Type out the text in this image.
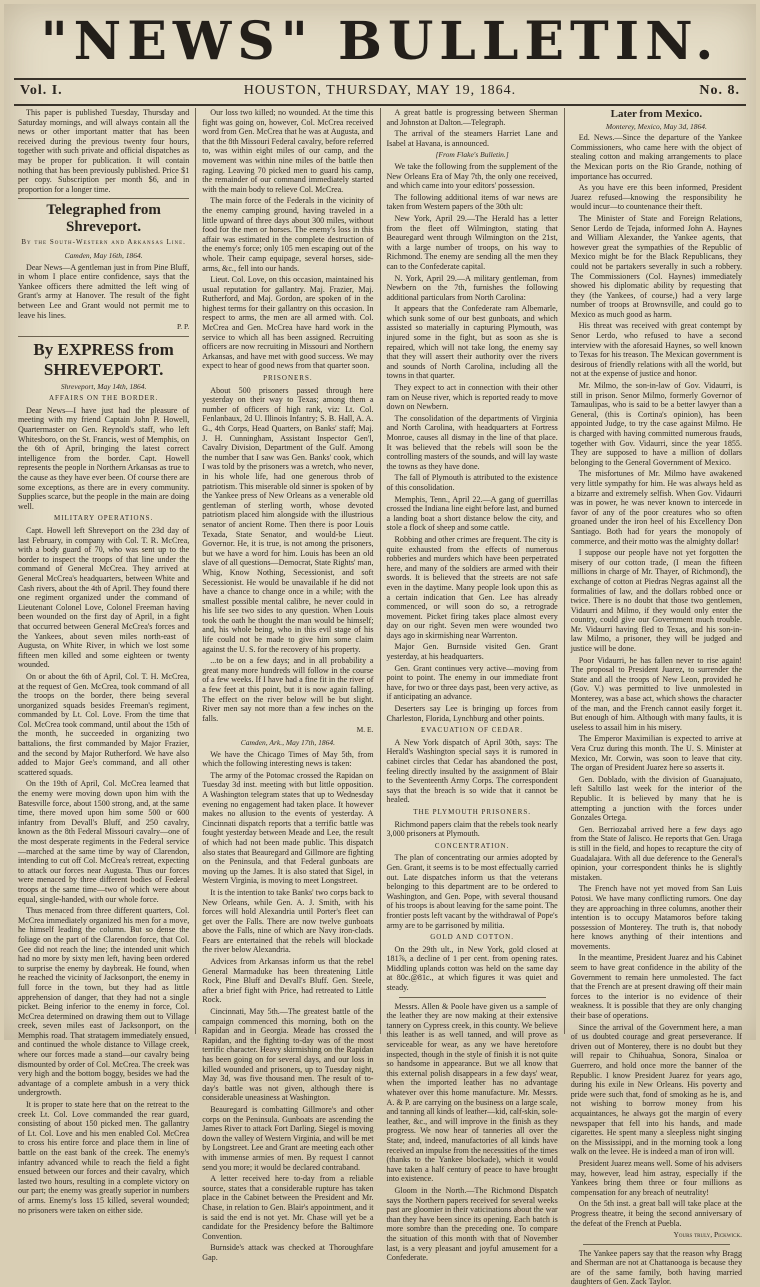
"NEWS" BULLETIN.
Vol. I.	HOUSTON, THURSDAY, MAY 19, 1864.	No. 8.

This paper is published Tuesday, Thursday and Saturday mornings, and will always contain all the news or other important matter that has been received during the previous twenty four hours, together with such private and official dispatches as may be proper for publication. It will contain nothing that has been previously published. Price $1 per copy. Subscription per month $6, and in proportion for a longer time.

Telegraphed from Shreveport.
By the South-Western and Arkansas Line.

Camden, May 16th, 1864.

Dear News—A gentleman just in from Pine Bluff, in whom I place entire confidence, says that the Yankee officers there admitted the left wing of Grant's army at Hanover. The result of the fight between Lee and Grant would not permit me to leave his lines.

P. P.
By EXPRESS from SHREVEPORT.

Shreveport, May 14th, 1864.

AFFAIRS ON THE BORDER.

Dear News—I have just had the pleasure of meeting with my friend Captain John P. Howell, Quartermaster on Gen. Reynold's staff, who left Whitesboro, on the St. Francis, west of Memphis, on the 6th of April, bringing the latest correct intelligence from the border. Capt. Howell represents the people in Northern Arkansas as true to the cause as they have ever been. Of course there are some exceptions, as there are in every community. Supplies scarce, but the people in the main are doing well.

MILITARY OPERATIONS.

Capt. Howell left Shreveport on the 23d day of last February, in company with Col. T. R. McCrea, with a body guard of 70, who was sent up to the border to inspect the troops of that line under the command of General McCrea. They arrived at General McCrea's headquarters, between White and Cash rivers, about the 4th of April. They found there one regiment organized under the command of Lieutenant Colonel Love, Colonel Freeman having been wounded on the first day of April, in a fight that occurred between General McCrea's forces and the Yankees, about seven miles north-east of Augusta, on White River, in which we lost some fifteen men killed and some eighteen or twenty wounded.

On or about the 6th of April, Col. T. H. McCrea, at the request of Gen. McCrea, took command of all the troops on the border, there being several unorganized squads besides Freeman's regiment, commanded by Lt. Col. Love. From the time that Col. McCrea took command, until about the 15th of the month, he succeeded in organizing two battalions, the first commanded by Major Frazier, and the second by Major Rutherford. We have also added to Major Gee's command, and all other scattered squads.

On the 19th of April, Col. McCrea learned that the enemy were moving down upon him with the Batesville force, about 1500 strong, and, at the same time, there moved upon him some 500 or 600 infantry from Devall's Bluff, and 250 cavalry, known as the 8th Federal Missouri cavalry—one of the most desperate regiments in the Federal service—marched at the same time by way of Clarendon, intending to cut off Col. McCrea's retreat, expecting to attack our forces near Augusta. Thus our forces were menaced by three different bodies of Federal troops at the same time—two of which were about equal, single-handed, with our whole force.

Thus menaced from three different quarters, Col. McCrea immediately organized his men for a move, he himself leading the column. But so dense the foliage on the part of the Clarendon force, that Col. Gee did not reach the line; the intended unit which had no more by sixty men left, having been ordered to surprise the enemy by daybreak. He found, when he reached the vicinity of Jacksonport, the enemy in full force in the town, but they had as little apprehension of danger, that they had not a single picket. Being inferior to the enemy in force, Col. McCrea determined on drawing them out to Village creek, seven miles east of Jacksonport, on the Memphis road. That stratagem immediately ensued, and continued the whole distance to Village creek, where our forces made a stand—our cavalry being dismounted by order of Col. McCrea. The creek was very high and the bottom boggy, besides we had the advantage of a complete ambush in a very thick undergrowth.

It is proper to state here that on the retreat to the creek Lt. Col. Love commanded the rear guard, consisting of about 150 picked men. The gallantry of Lt. Col. Love and his men enabled Col. McCrea to cross his entire force and place them in line of battle on the east bank of the creek. The enemy's infantry advanced while to reach the field a fight ensued between our forces and their cavalry, which lasted two hours, resulting in a complete victory on our part; the enemy was greatly superior in numbers of arms. Enemy's loss 15 killed, several wounded; no prisoners were taken on either side.

Our loss two killed; no wounded. At the time this fight was going on, however, Col. McCrea received word from Gen. McCrea that he was at Augusta, and that the 8th Missouri Federal cavalry, before referred to, was within eight miles of our camp, and the movement was within nine miles of the battle then raging. Leaving 70 picked men to guard his camp, the remainder of our command immediately started with the main body to relieve Col. McCrea.

The main force of the Federals in the vicinity of the enemy camping ground, having traveled in a little upward of three days about 300 miles, without food for the men or horses. The enemy's loss in this affair was estimated in the complete destruction of the enemy's force; only 105 men escaping out of the whole. Their camp equipage, several horses, side-arms, &c., fell into our hands.

Lieut. Col. Love, on this occasion, maintained his usual reputation for gallantry. Maj. Frazier, Maj. Rutherford, and Maj. Gordon, are spoken of in the highest terms for their gallantry on this occasion. In respect to arms, the men are all armed with. Col. McCrea and Gen. McCrea have hard work in the service to which all has been assigned. Recruiting officers are now recruiting in Missouri and Northern Arkansas, and have met with good success. We may expect to hear of good news from that quarter soon.

PRISONERS.

About 500 prisoners passed through here yesterday on their way to Texas; among them a number of officers of high rank, viz: Lt. Col. Fenlanbaux, 2d U. Illinois Infantry; S. B. Hall, A. A. G., 4th Corps, Head Quarters, on Banks' staff; Maj. J. H. Cunningham, Assistant Inspector Gen'l, Cavalry Division, Department of the Gulf. Among the number that I saw was Gen. Banks' cook, which I was told by the prisoners was a wretch, who never, in his whole life, had one generous throb of patriotism. This miserable old sinner is spoken of by the Yankee press of New Orleans as a venerable old gentleman of sterling worth, whose devoted patriotism placed him alongside with the illustrious senator of ancient Rome. Then there is poor Louis Texada, State Senator, and would-be Lieut. Governor. He, it is true, is not among the prisoners, but we have a word for him. Louis has been an old slave of all questions—Democrat, State Rights' man, Whig, Know Nothing, Secessionist, and soft Secessionist. He would be unavailable if he did not have a chance to change once in a while; with the smallest possible mental calibre, he never could in his life see two sides to any question. When Louis took the oath he thought the man would be himself; and, his whole being, who in this evil stage of his life could not be made to give him some claim against the U. S. for the recovery of his property.

...to be on a few days; and in all probability a great many more hundreds will follow in the course of a few weeks. If I have had a fine fit in the river of a few feet at this point, but it is now again falling. The effect on the river below will be but slight. River men say not more than a few inches on the falls.

M. E.

Camden, Ark., May 17th, 1864.

We have the Chicago Times of May 5th, from which the following interesting news is taken:

The army of the Potomac crossed the Rapidan on Tuesday 3d inst. meeting with but little opposition. A Washington telegram states that up to Wednesday evening no engagement had taken place. It however makes no allusion to the events of yesterday. A Cincinnati dispatch reports that a terrific battle was fought yesterday between Meade and Lee, the result of which had not been made public. This dispatch also states that Beauregard and Gillmore are fighting on the Peninsula, and that Federal gunboats are moving up the James. It is also stated that Sigel, in Western Virginia, is moving to meet Longstreet.

It is the intention to take Banks' two corps back to New Orleans, while Gen. A. J. Smith, with his forces will hold Alexandria until Porter's fleet can get over the Falls. There are now twelve gunboats above the Falls, nine of which are Navy iron-clads. Fears are entertained that the rebels will blockade the river below Alexandria.

Advices from Arkansas inform us that the rebel General Marmaduke has been threatening Little Rock, Pine Bluff and Devall's Bluff. Gen. Steele, after a brief fight with Price, had retreated to Little Rock.

Cincinnati, May 5th.—The greatest battle of the campaign commenced this morning, both on the Rapidan and in Georgia. Meade has crossed the Rapidan, and the fighting to-day was of the most terrific character. Heavy skirmishing on the Rapidan has been going on for several days, and our loss in killed wounded and prisoners, up to Tuesday night, May 3d, was five thousand men. The result of to-day's battle was not given, although there is considerable uneasiness at Washington.

Beauregard is combatting Gillmore's and other corps on the Peninsula. Gunboats are ascending the James River to attack Fort Darling. Siegel is moving down the valley of Western Virginia, and will be met by Longstreet. Lee and Grant are meeting each other with immense armies of men. By request I cannot send you more; it would be declared contraband.

A letter received here to-day from a reliable source, states that a considerable rupture has taken place in the Cabinet between the President and Mr. Chase, in relation to Gen. Blair's appointment, and it is said the end is not yet. Mr. Chase will yet be a candidate for the Presidency before the Baltimore Convention.

Burnside's attack was checked at Thoroughfare Gap.

A great battle is progressing between Sherman and Johnston at Dalton.—Telegraph.

The arrival of the steamers Harriet Lane and Isabel at Havana, is announced.

[From Flake's Bulletin.]

We take the following from the supplement of the New Orleans Era of May 7th, the only one received, and which came into your editors' possession.

The following additional items of war news are taken from Western papers of the 30th ult:

New York, April 29.—The Herald has a letter from the fleet off Wilmington, stating that Beauregard went through Wilmington on the 21st, with a large number of troops, on his way to Richmond. The enemy are sending all the men they can to the Confederate capital.

N. York, April 29.—A military gentleman, from Newbern on the 7th, furnishes the following additional particulars from North Carolina:

It appears that the Confederate ram Albemarle, which sunk some of our best gunboats, and which assisted so materially in capturing Plymouth, was injured some in the fight, but as soon as she is repaired, which will not take long, the enemy say that they will assert their authority over the rivers and sounds of North Carolina, including all the towns in that quarter.

They expect to act in connection with their other ram on Neuse river, which is reported ready to move down on Newbern.

The consolidation of the departments of Virginia and North Carolina, with headquarters at Fortress Monroe, causes all dismay in the line of that place. It was believed that the rebels will soon be the controlling masters of the sounds, and will lay waste the towns as they have done.

The fall of Plymouth is attributed to the existence of this consolidation.

Memphis, Tenn., April 22.—A gang of guerrillas crossed the Indiana line eight before last, and burned a landing boat a short distance below the city, and stole a flock of sheep and some cattle.

Robbing and other crimes are frequent. The city is quite exhausted from the effects of numerous robberies and murders which have been perpetrated here, and many of the soldiers are armed with their swords. It is believed that the streets are not safe even in the daytime. Many people look upon this as a certain indication that Gen. Lee has already commenced, or will soon do so, a retrograde movement. Picket firing takes place almost every day on our right. Seven men were wounded two days ago in skirmishing near Warrenton.

Major Gen. Burnside visited Gen. Grant yesterday, at his headquarters.

Gen. Grant continues very active—moving from point to point. The enemy in our immediate front have, for two or three days past, been very active, as if anticipating an advance.

Deserters say Lee is bringing up forces from Charleston, Florida, Lynchburg and other points.

EVACUATION OF CEDAR.

A New York dispatch of April 30th, says: The Herald's Washington special says it is rumored in cabinet circles that Cedar has abandoned the post, feeling directly insulted by the assignment of Blair to the Seventeenth Army Corps. The correspondent says that the breach is so wide that it cannot be healed.

THE PLYMOUTH PRISONERS.

Richmond papers claim that the rebels took nearly 3,000 prisoners at Plymouth.

CONCENTRATION.

The plan of concentrating our armies adopted by Gen. Grant, it seems is to be most effectually carried out. Late dispatches inform us that the veterans belonging to this department are to be ordered to Washington, and Gen. Pope, with several thousand of his troops is about leaving for the same point. The frontier posts left vacant by the withdrawal of Pope's army are to be garrisoned by militia.

GOLD AND COTTON.

On the 29th ult., in New York, gold closed at 181⅞, a decline of 1 per cent. from opening rates. Middling uplands cotton was held on the same day at 80c.@81c., at which figures it was quiet and steady.

Messrs. Allen & Poole have given us a sample of the leather they are now making at their extensive tannery on Cypress creek, in this county. We believe this leather is as well tanned, and will prove as serviceable for wear, as any we have heretofore inspected, though in the style of finish it is not quite so handsome in appearance. But we all know that this external polish disappears in a few days' wear, when the imported leather has no advantage whatever over this home manufacture. Mr. Messrs. A. & P. are carrying on the business on a large scale, and tanning all kinds of leather—kid, calf-skin, sole-leather, &c., and will improve in the finish as they progress. We now hear of tanneries all over the State; and, indeed, manufactories of all kinds have received an impulse from the necessities of the times (thanks to the Yankee blockade), which it would have taken a half century of peace to have brought into existence.

Gloom in the North.—The Richmond Dispatch says the Northern papers received for several weeks past are gloomier in their vaticinations about the war than they have been since its opening. Each batch is more sombre than the preceding one. To compare the situation of this month with that of November last, is a very pleasant and joyful amusement for a Confederate.

Later from Mexico.

Monterey, Mexico, May 3d, 1864.

Ed. News.—Since the departure of the Yankee Commissioners, who came here with the object of stealing cotton and making arrangements to place the Mexican ports on the Rio Grande, nothing of importance has occurred.

As you have ere this been informed, President Juarez refused—knowing the responsibility he would incur—to countenance their theft.

The Minister of State and Foreign Relations, Senor Lerdo de Tejada, informed John A. Haynes and William Alexander, the Yankee agents, that however great the sympathies of the Republic of Mexico might be for the Black Republicans, they could not be partakers severally in such a robbery. The Commissioners (Col. Haynes) immediately showed his diplomatic ability by requesting that they (the Yankees, of course,) had a very large number of troops at Brownsville, and could go to Mexico as much good as harm.

His threat was received with great contempt by Senor Lerdo, who refused to have a second interview with the aforesaid Haynes, so well known to Texas for his treason. The Mexican government is desirous of friendly relations with all the world, but not at the expense of justice and honor.

Mr. Milmo, the son-in-law of Gov. Vidaurri, is still in prison. Senor Milmo, formerly Governor of Tamaulipas, who is said to be a better lawyer than a General, (this is Cortina's opinion), has been appointed Judge, to try the case against Milmo. He is charged with having committed numerous frauds, together with Gov. Vidaurri, since the year 1855. They are supposed to have a million of dollars belonging to the General Government of Mexico.

The misfortunes of Mr. Milmo have awakened very little sympathy for him. He was always held as a bizarre and extremely selfish. When Gov. Vidaurri was in power, he was never known to intercede in favor of any of the poor creatures who so often groaned under the iron heel of his Excellency Don Santiago. Both had for years the monopoly of commerce, and their motto was the almighty dollar!

I suppose our people have not yet forgotten the misery of our cotton trade, (I mean the fifteen millions in charge of Mr. Thayer, of Richmond), the exchange of cotton at Piedras Negras against all the formalities of law, and the dollars robbed once or twice. There is no doubt that those two gentlemen, Vidaurri and Milmo, if they would only enter the country, could give our Government much trouble. Mr. Vidaurri having fled to Texas, and his son-in-law Milmo, a prisoner, they will be judged and justice will be done.

Poor Vidaurri, he has fallen never to rise again! The proposal to President Juarez, to surrender the State and all the troops of New Leon, provided he (Gov. V.) was permitted to live unmolested in Monterey, was a base act, which shows the character of the man, and the French cannot easily forget it. But enough of him. Although with many faults, it is useless to assail him in his misery.

The Emperor Maximilian is expected to arrive at Vera Cruz during this month. The U. S. Minister at Mexico, Mr. Corwin, was soon to leave that city. The organ of President Juarez here so asserts it.

Gen. Doblado, with the division of Guanajuato, left Saltillo last week for the interior of the Republic. It is believed by many that he is attempting a junction with the forces under Gonzales Ortega.

Gen. Berriozabal arrived here a few days ago from the State of Jalisco. He reports that Gen. Uraga is still in the field, and hopes to recapture the city of Guadalajara. With all due deference to the General's opinion, your correspondent thinks he is slightly mistaken.

The French have not yet moved from San Luis Potosi. We have many conflicting rumors. One day they are approaching in three columns, another their intention is to occupy Matamoros before taking possession of Monterey. The truth is, that nobody here knows anything of their intentions and movements.

In the meantime, President Juarez and his Cabinet seem to have great confidence in the ability of the Government to remain here unmolested. The fact that the French are at present drawing off their main forces to the interior is no evidence of their weakness. It is possible that they are only changing their base of operations.

Since the arrival of the Government here, a man of us doubted courage and great perseverance. If driven out of Monterey, there is no doubt but they will repair to Chihuahua, Sonora, Sinaloa or Guerrero, and hold once more the banner of the Republic. I know President Juarez for years ago, during his exile in New Orleans. His poverty and pride were such that, fond of smoking as he is, and not wishing to borrow money from his acquaintances, he always got the margin of every newspaper that fell into his hands, and made cigarettes. He spent many a sleepless night singing on the Mississippi, and in the morning took a long walk on the levee. He is indeed a man of iron will.

President Juarez means well. Some of his advisers may, however, lead him astray, especially if the Yankees bring them three or four millions as compensation for any breach of neutrality!

On the 5th inst. a great ball will take place at the Progress theatre, it being the second anniversary of the defeat of the French at Puebla.

Yours truly, Pickwick.

The Yankee papers say that the reason why Bragg and Sherman are not at Chattanooga is because they are of the same family, both having married daughters of Gen. Zack Taylor.
